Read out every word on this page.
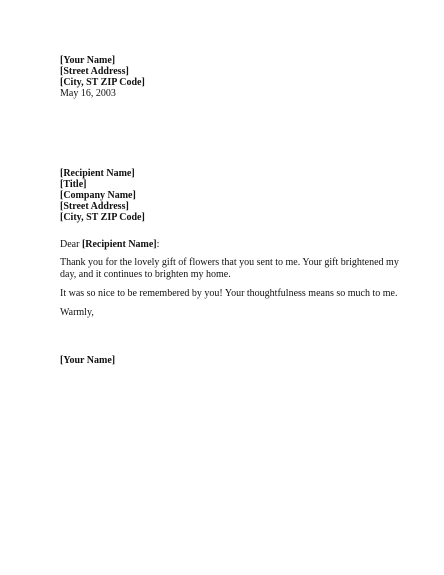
[Your Name]
[Street Address]
[City, ST ZIP Code]
May 16, 2003
[Recipient Name]
[Title]
[Company Name]
[Street Address]
[City, ST ZIP Code]
Dear [Recipient Name]:
Thank you for the lovely gift of flowers that you sent to me. Your gift brightened my day, and it continues to brighten my home.
It was so nice to be remembered by you! Your thoughtfulness means so much to me.
Warmly,
[Your Name]
